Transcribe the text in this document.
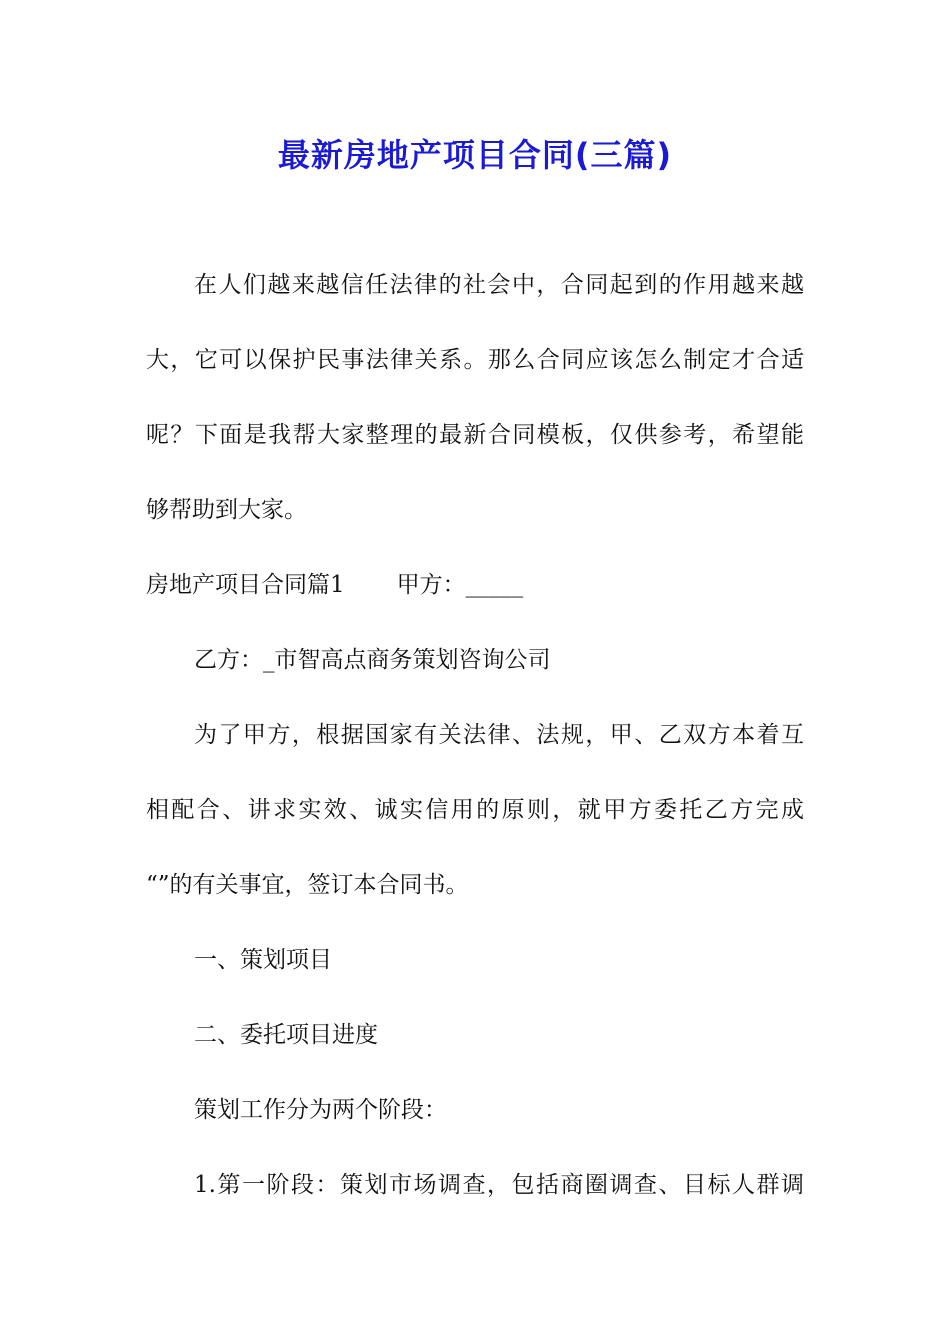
最新房地产项目合同(三篇)
在人们越来越信任法律的社会中，合同起到的作用越来越
大，它可以保护民事法律关系。那么合同应该怎么制定才合适
呢？下面是我帮大家整理的最新合同模板，仅供参考，希望能
够帮助到大家。
房地产项目合同篇1 甲方：_____
乙方：_市智高点商务策划咨询公司
为了甲方，根据国家有关法律、法规，甲、乙双方本着互
相配合、讲求实效、诚实信用的原则，就甲方委托乙方完成
“”的有关事宜，签订本合同书。
一、策划项目
二、委托项目进度
策划工作分为两个阶段：
1.第一阶段：策划市场调查，包括商圈调查、目标人群调
